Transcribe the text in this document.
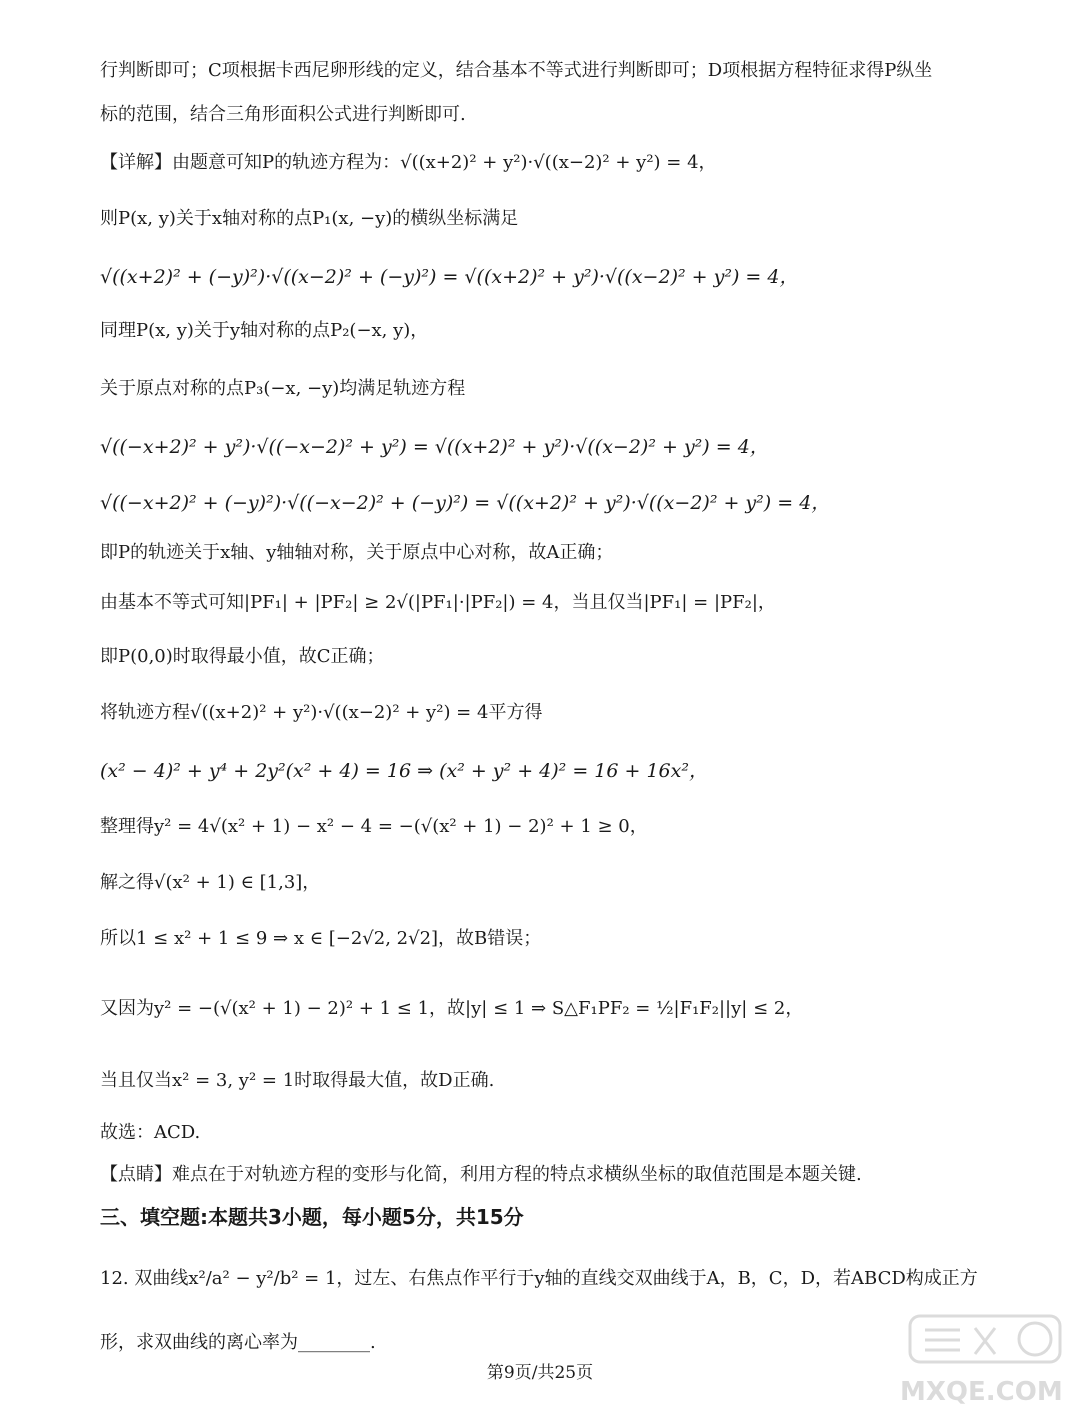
行判断即可；C项根据卡西尼卵形线的定义，结合基本不等式进行判断即可；D项根据方程特征求得P纵坐
标的范围，结合三角形面积公式进行判断即可.
【详解】由题意可知P的轨迹方程为：√((x+2)² + y²)·√((x−2)² + y²) = 4，
则P(x, y)关于x轴对称的点P₁(x, −y)的横纵坐标满足
√((x+2)² + (−y)²)·√((x−2)² + (−y)²) = √((x+2)² + y²)·√((x−2)² + y²) = 4，
同理P(x, y)关于y轴对称的点P₂(−x, y)，
关于原点对称的点P₃(−x, −y)均满足轨迹方程
√((−x+2)² + y²)·√((−x−2)² + y²) = √((x+2)² + y²)·√((x−2)² + y²) = 4，
√((−x+2)² + (−y)²)·√((−x−2)² + (−y)²) = √((x+2)² + y²)·√((x−2)² + y²) = 4，
即P的轨迹关于x轴、y轴轴对称，关于原点中心对称，故A正确；
由基本不等式可知|PF₁| + |PF₂| ≥ 2√(|PF₁|·|PF₂|) = 4，当且仅当|PF₁| = |PF₂|，
即P(0,0)时取得最小值，故C正确；
将轨迹方程√((x+2)² + y²)·√((x−2)² + y²) = 4平方得
(x² − 4)² + y⁴ + 2y²(x² + 4) = 16 ⇒ (x² + y² + 4)² = 16 + 16x²，
整理得y² = 4√(x² + 1) − x² − 4 = −(√(x² + 1) − 2)² + 1 ≥ 0，
解之得√(x² + 1) ∈ [1,3]，
所以1 ≤ x² + 1 ≤ 9 ⇒ x ∈ [−2√2, 2√2]，故B错误；
又因为y² = −(√(x² + 1) − 2)² + 1 ≤ 1，故|y| ≤ 1 ⇒ S△F₁PF₂ = ½|F₁F₂||y| ≤ 2，
当且仅当x² = 3, y² = 1时取得最大值，故D正确.
故选：ACD.
【点睛】难点在于对轨迹方程的变形与化简，利用方程的特点求横纵坐标的取值范围是本题关键.
三、填空题:本题共3小题，每小题5分，共15分
12. 双曲线x²/a² − y²/b² = 1，过左、右焦点作平行于y轴的直线交双曲线于A，B，C，D，若ABCD构成正方
形，求双曲线的离心率为________.
第9页/共25页
MXQE.COM
